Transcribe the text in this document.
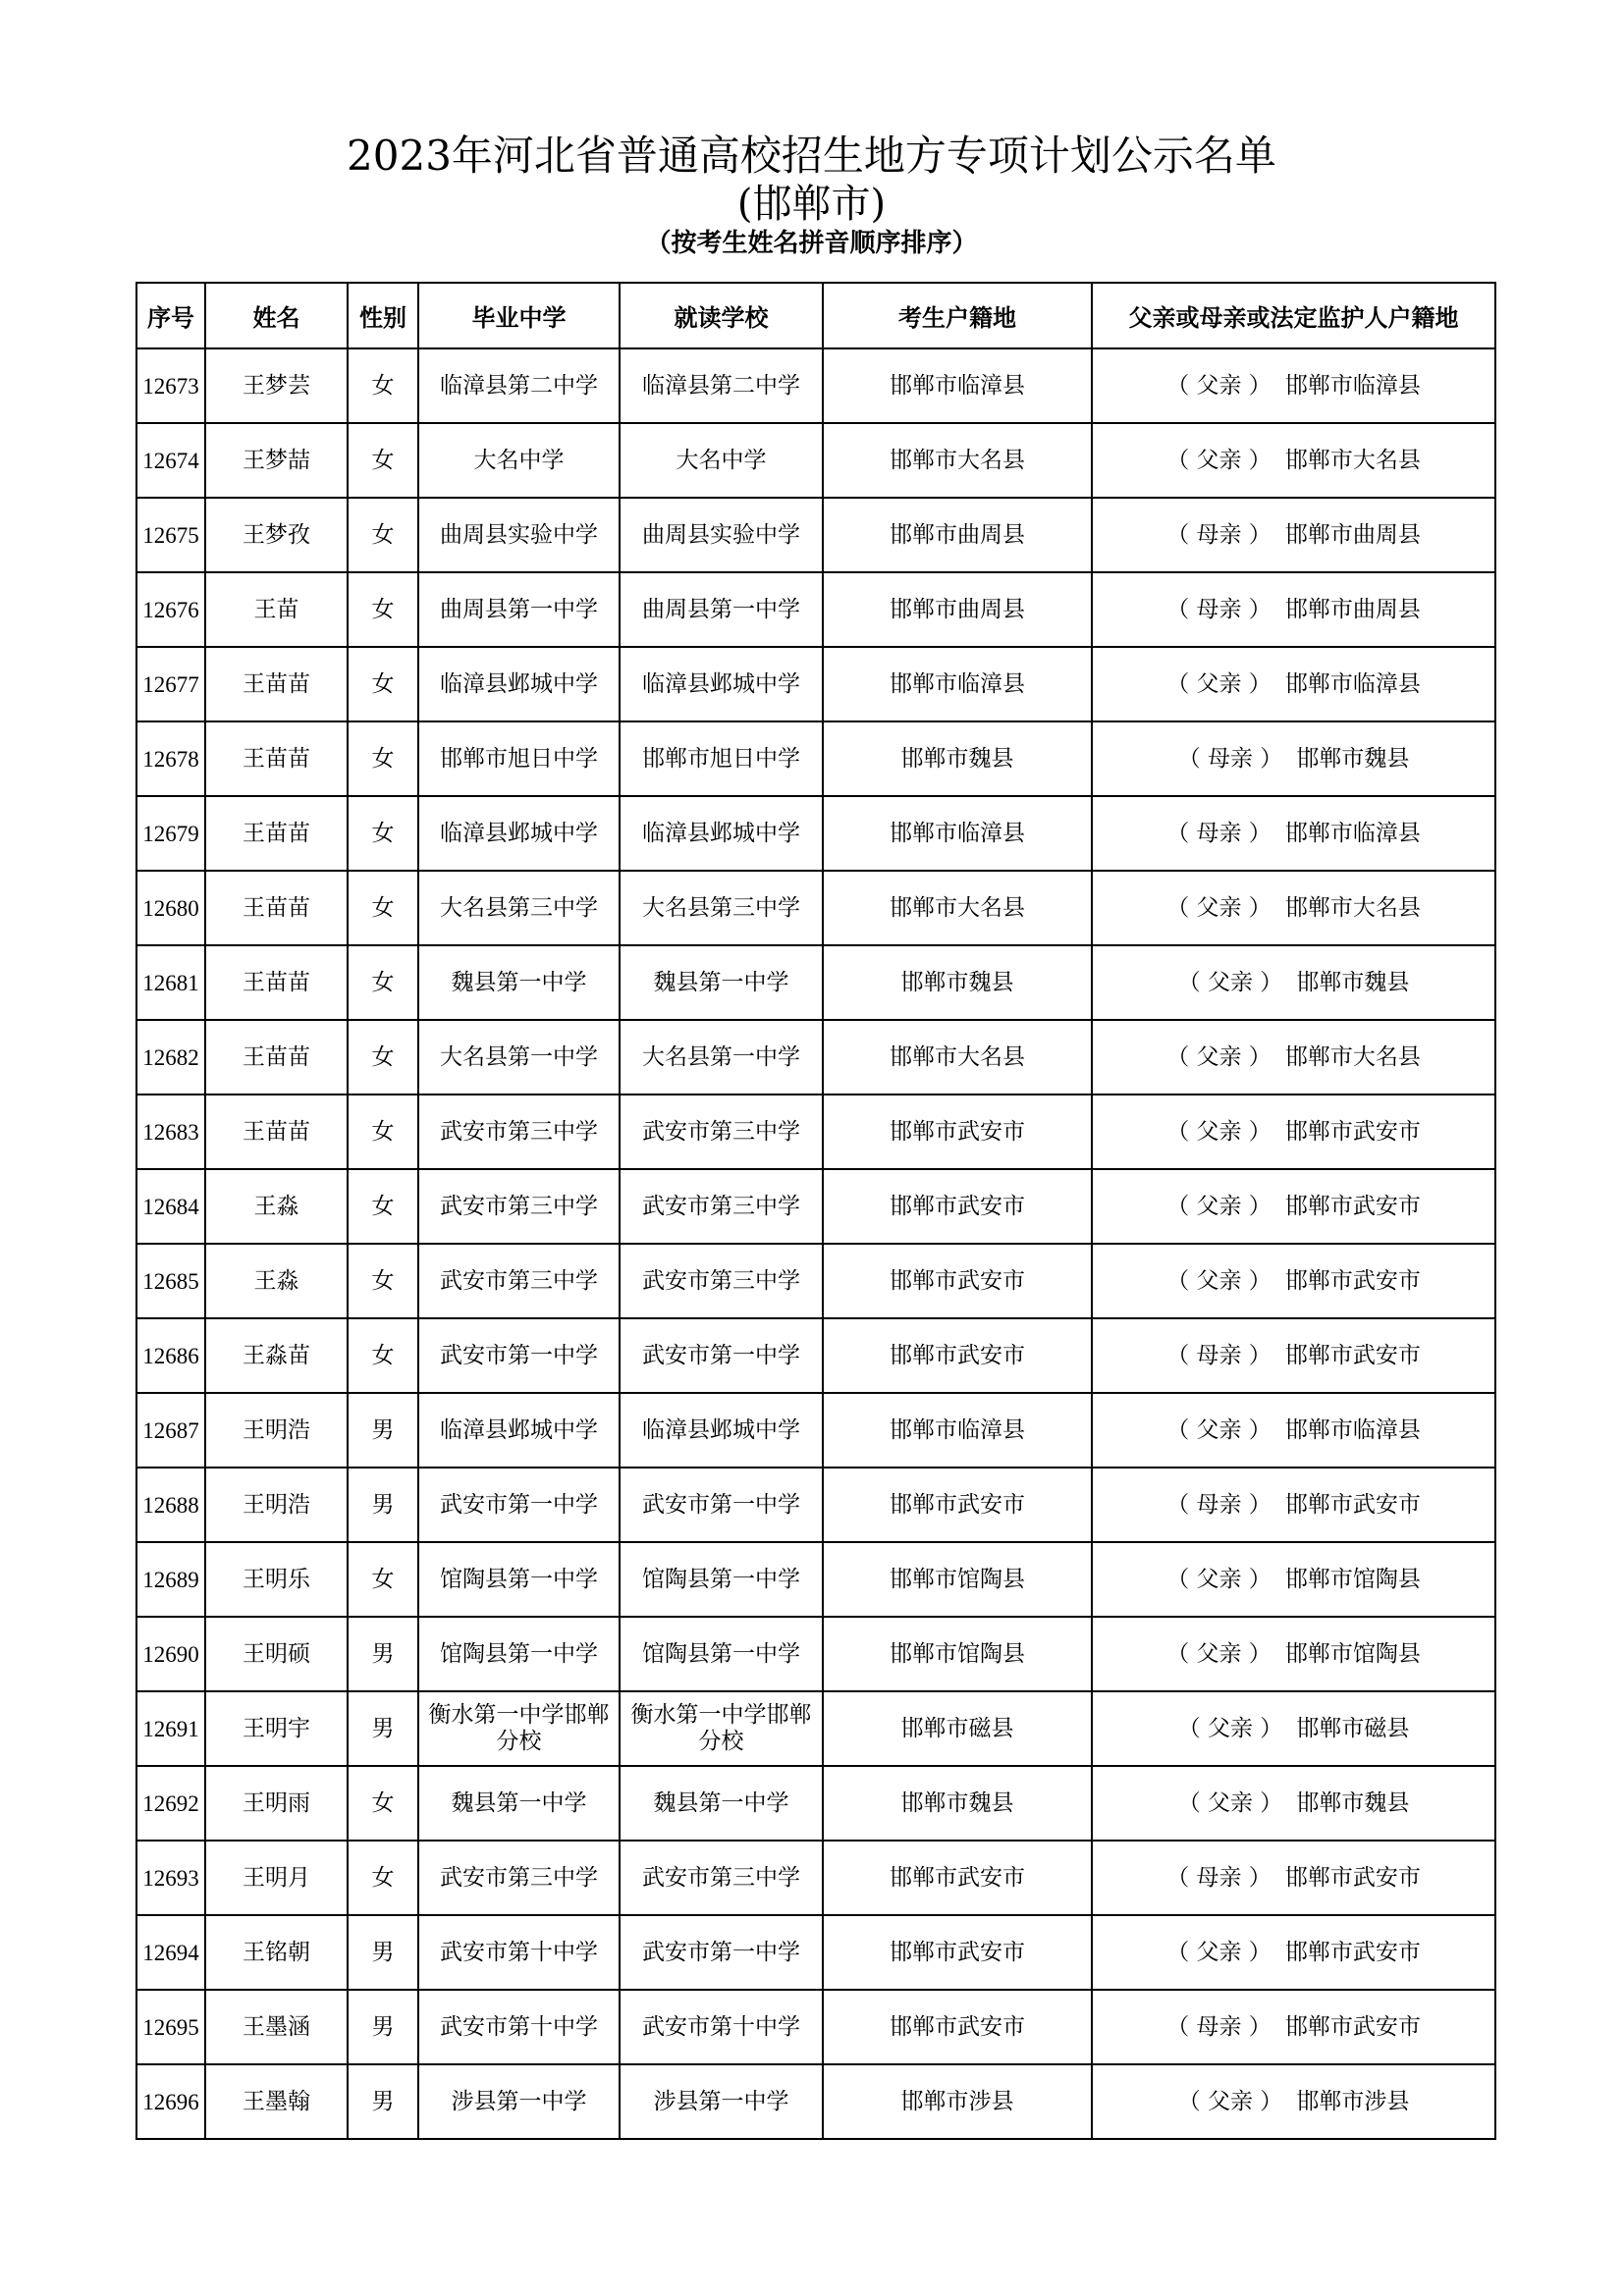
2023年河北省普通高校招生地方专项计划公示名单
(邯郸市)
（按考生姓名拼音顺序排序）
序号	姓名	性别	毕业中学	就读学校	考生户籍地	父亲或母亲或法定监护人户籍地
12673	王梦芸	女	临漳县第二中学	临漳县第二中学	邯郸市临漳县	（ 父亲 ） 邯郸市临漳县
12674	王梦喆	女	大名中学	大名中学	邯郸市大名县	（ 父亲 ） 邯郸市大名县
12675	王梦孜	女	曲周县实验中学	曲周县实验中学	邯郸市曲周县	（ 母亲 ） 邯郸市曲周县
12676	王苗	女	曲周县第一中学	曲周县第一中学	邯郸市曲周县	（ 母亲 ） 邯郸市曲周县
12677	王苗苗	女	临漳县邺城中学	临漳县邺城中学	邯郸市临漳县	（ 父亲 ） 邯郸市临漳县
12678	王苗苗	女	邯郸市旭日中学	邯郸市旭日中学	邯郸市魏县	（ 母亲 ） 邯郸市魏县
12679	王苗苗	女	临漳县邺城中学	临漳县邺城中学	邯郸市临漳县	（ 母亲 ） 邯郸市临漳县
12680	王苗苗	女	大名县第三中学	大名县第三中学	邯郸市大名县	（ 父亲 ） 邯郸市大名县
12681	王苗苗	女	魏县第一中学	魏县第一中学	邯郸市魏县	（ 父亲 ） 邯郸市魏县
12682	王苗苗	女	大名县第一中学	大名县第一中学	邯郸市大名县	（ 父亲 ） 邯郸市大名县
12683	王苗苗	女	武安市第三中学	武安市第三中学	邯郸市武安市	（ 父亲 ） 邯郸市武安市
12684	王淼	女	武安市第三中学	武安市第三中学	邯郸市武安市	（ 父亲 ） 邯郸市武安市
12685	王淼	女	武安市第三中学	武安市第三中学	邯郸市武安市	（ 父亲 ） 邯郸市武安市
12686	王淼苗	女	武安市第一中学	武安市第一中学	邯郸市武安市	（ 母亲 ） 邯郸市武安市
12687	王明浩	男	临漳县邺城中学	临漳县邺城中学	邯郸市临漳县	（ 父亲 ） 邯郸市临漳县
12688	王明浩	男	武安市第一中学	武安市第一中学	邯郸市武安市	（ 母亲 ） 邯郸市武安市
12689	王明乐	女	馆陶县第一中学	馆陶县第一中学	邯郸市馆陶县	（ 父亲 ） 邯郸市馆陶县
12690	王明硕	男	馆陶县第一中学	馆陶县第一中学	邯郸市馆陶县	（ 父亲 ） 邯郸市馆陶县
12691	王明宇	男	衡水第一中学邯郸分校	衡水第一中学邯郸分校	邯郸市磁县	（ 父亲 ） 邯郸市磁县
12692	王明雨	女	魏县第一中学	魏县第一中学	邯郸市魏县	（ 父亲 ） 邯郸市魏县
12693	王明月	女	武安市第三中学	武安市第三中学	邯郸市武安市	（ 母亲 ） 邯郸市武安市
12694	王铭朝	男	武安市第十中学	武安市第一中学	邯郸市武安市	（ 父亲 ） 邯郸市武安市
12695	王墨涵	男	武安市第十中学	武安市第十中学	邯郸市武安市	（ 母亲 ） 邯郸市武安市
12696	王墨翰	男	涉县第一中学	涉县第一中学	邯郸市涉县	（ 父亲 ） 邯郸市涉县
